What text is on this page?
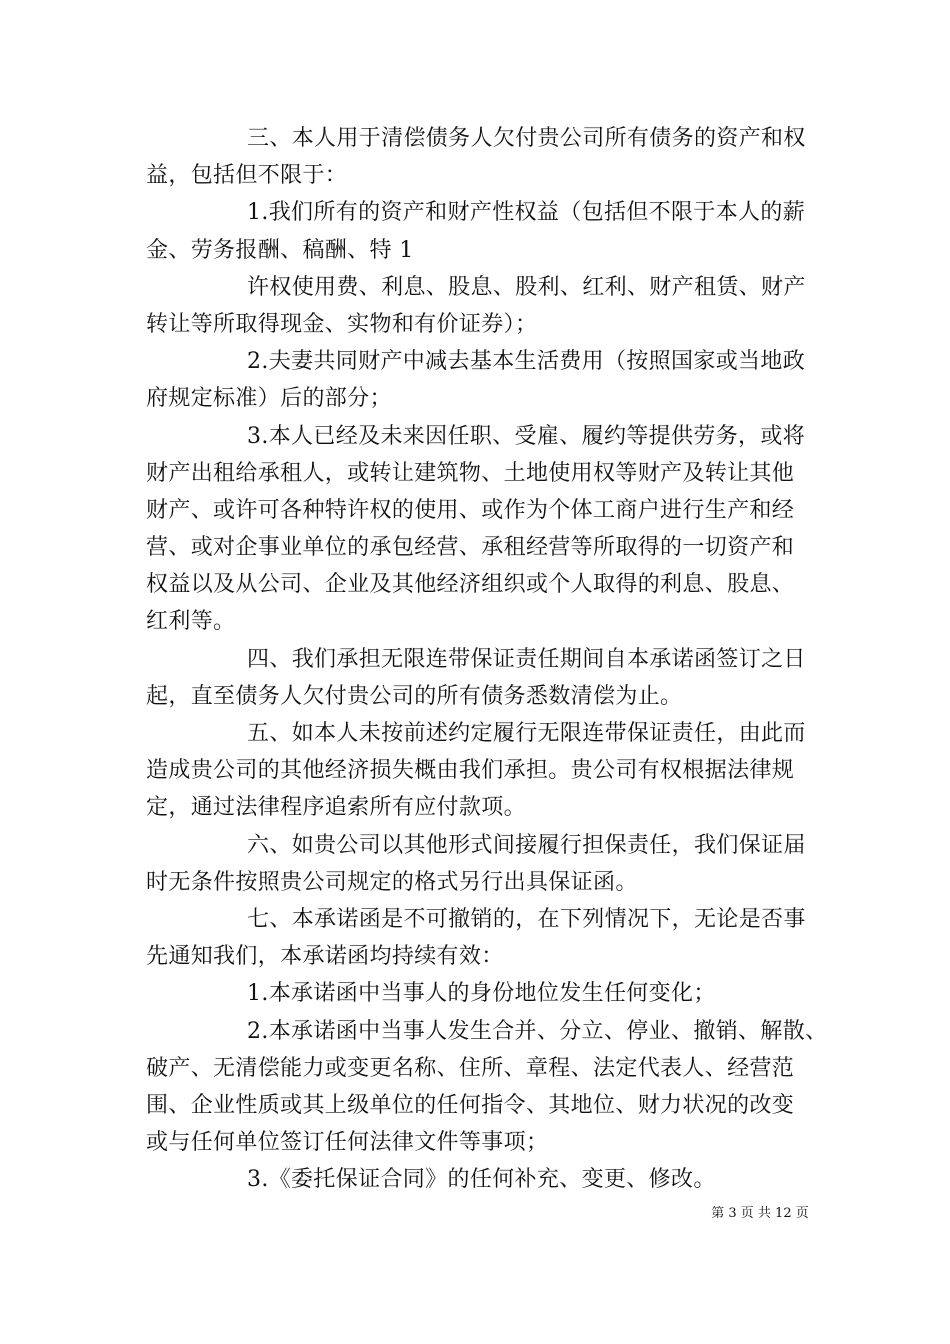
三、本人用于清偿债务人欠付贵公司所有债务的资产和权
益，包括但不限于：
1.我们所有的资产和财产性权益（包括但不限于本人的薪
金、劳务报酬、稿酬、特 1
许权使用费、利息、股息、股利、红利、财产租赁、财产
转让等所取得现金、实物和有价证券）；
2.夫妻共同财产中减去基本生活费用（按照国家或当地政
府规定标准）后的部分；
3.本人已经及未来因任职、受雇、履约等提供劳务，或将
财产出租给承租人，或转让建筑物、土地使用权等财产及转让其他
财产、或许可各种特许权的使用、或作为个体工商户进行生产和经
营、或对企事业单位的承包经营、承租经营等所取得的一切资产和
权益以及从公司、企业及其他经济组织或个人取得的利息、股息、
红利等。
四、我们承担无限连带保证责任期间自本承诺函签订之日
起，直至债务人欠付贵公司的所有债务悉数清偿为止。
五、如本人未按前述约定履行无限连带保证责任，由此而
造成贵公司的其他经济损失概由我们承担。贵公司有权根据法律规
定，通过法律程序追索所有应付款项。
六、如贵公司以其他形式间接履行担保责任，我们保证届
时无条件按照贵公司规定的格式另行出具保证函。
七、本承诺函是不可撤销的，在下列情况下，无论是否事
先通知我们，本承诺函均持续有效：
1.本承诺函中当事人的身份地位发生任何变化；
2.本承诺函中当事人发生合并、分立、停业、撤销、解散、
破产、无清偿能力或变更名称、住所、章程、法定代表人、经营范
围、企业性质或其上级单位的任何指令、其地位、财力状况的改变
或与任何单位签订任何法律文件等事项；
3.《委托保证合同》的任何补充、变更、修改。
第 3 页 共 12 页
